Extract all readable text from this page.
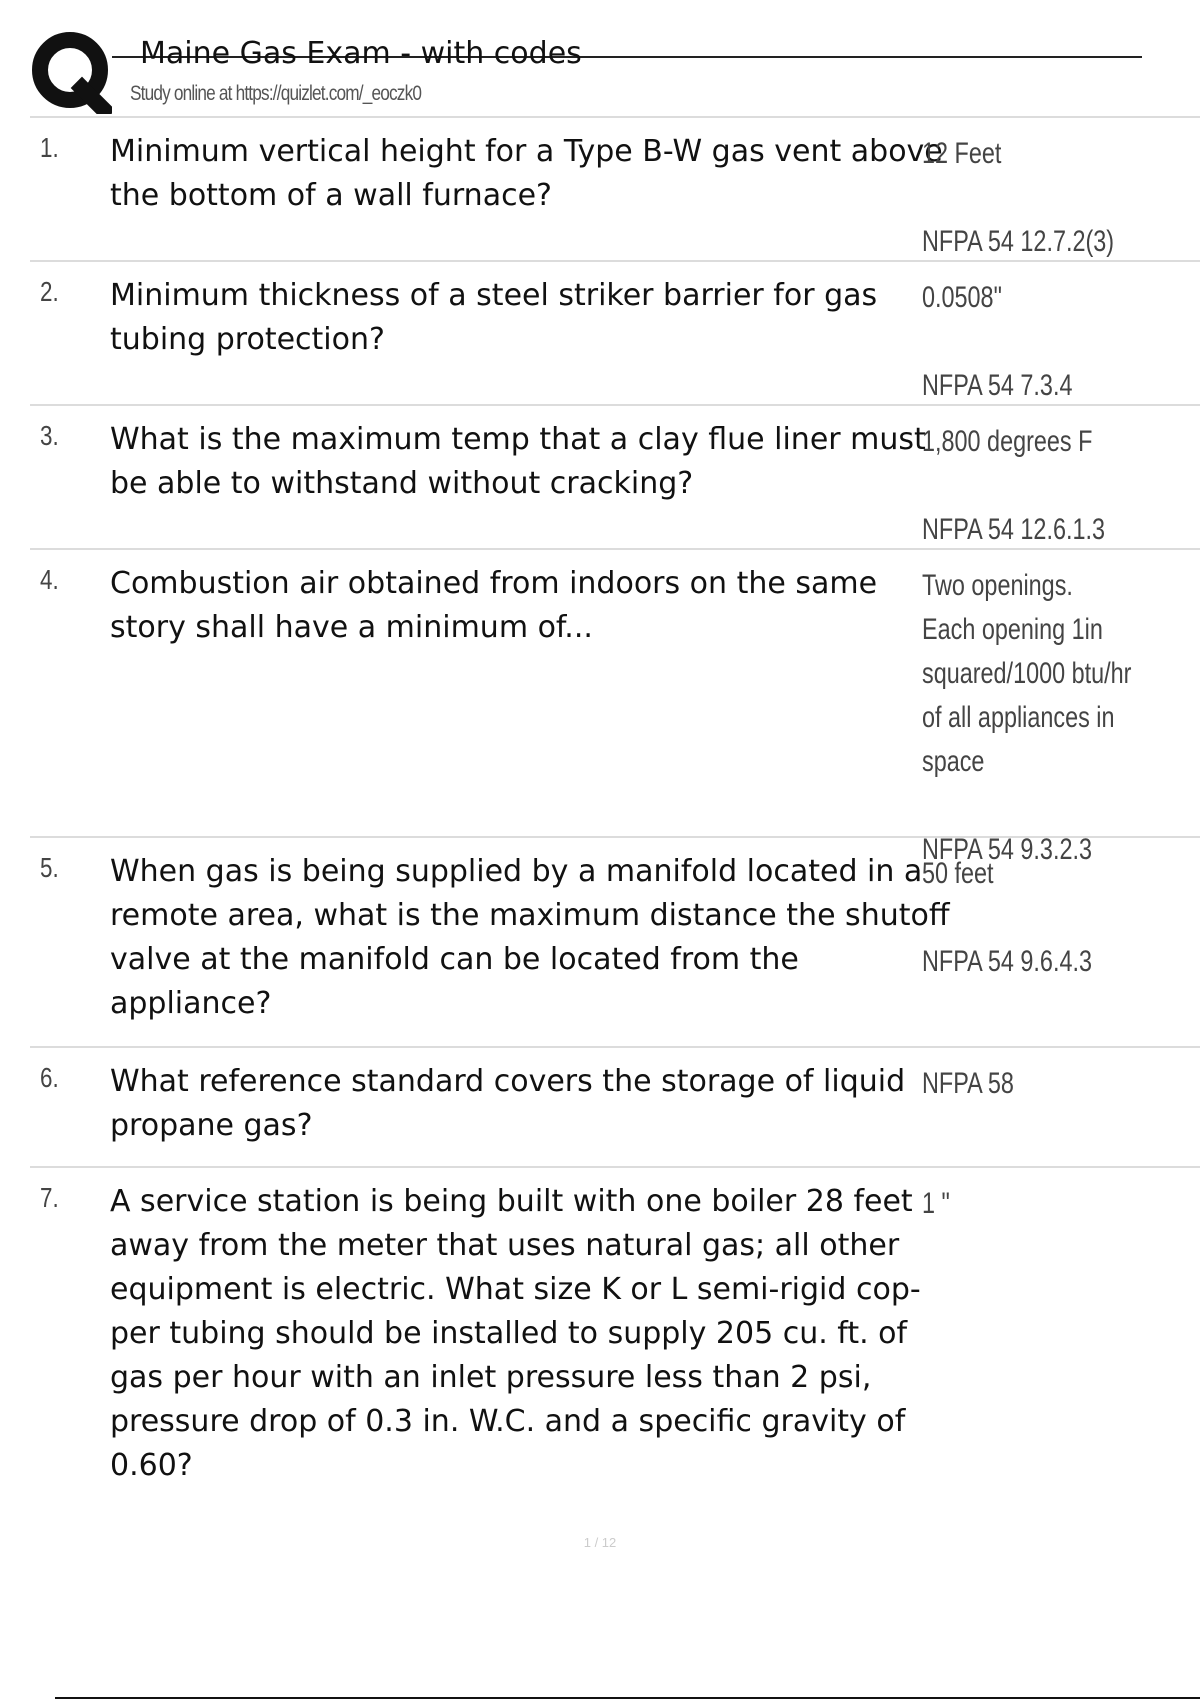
Maine Gas Exam - with codes
Study online at https://quizlet.com/_eoczk0
1. Minimum vertical height for a Type B-W gas vent above the bottom of a wall furnace?
12 Feet

NFPA 54 12.7.2(3)
2. Minimum thickness of a steel striker barrier for gas tubing protection?
0.0508"

NFPA 54 7.3.4
3. What is the maximum temp that a clay flue liner must be able to withstand without cracking?
1,800 degrees F

NFPA 54 12.6.1.3
4. Combustion air obtained from indoors on the same story shall have a minimum of...
Two openings.
Each opening 1in squared/1000 btu/hr of all appliances in space

NFPA 54 9.3.2.3
5. When gas is being supplied by a manifold located in a remote area, what is the maximum distance the shutoff valve at the manifold can be located from the appliance?
50 feet

NFPA 54 9.6.4.3
6. What reference standard covers the storage of liquid propane gas?
NFPA 58
7. A service station is being built with one boiler 28 feet away from the meter that uses natural gas; all other equipment is electric. What size K or L semi-rigid cop- per tubing should be installed to supply 205 cu. ft. of gas per hour with an inlet pressure less than 2 psi, pressure drop of 0.3 in. W.C. and a specific gravity of 0.60?
1 "
1 / 12
